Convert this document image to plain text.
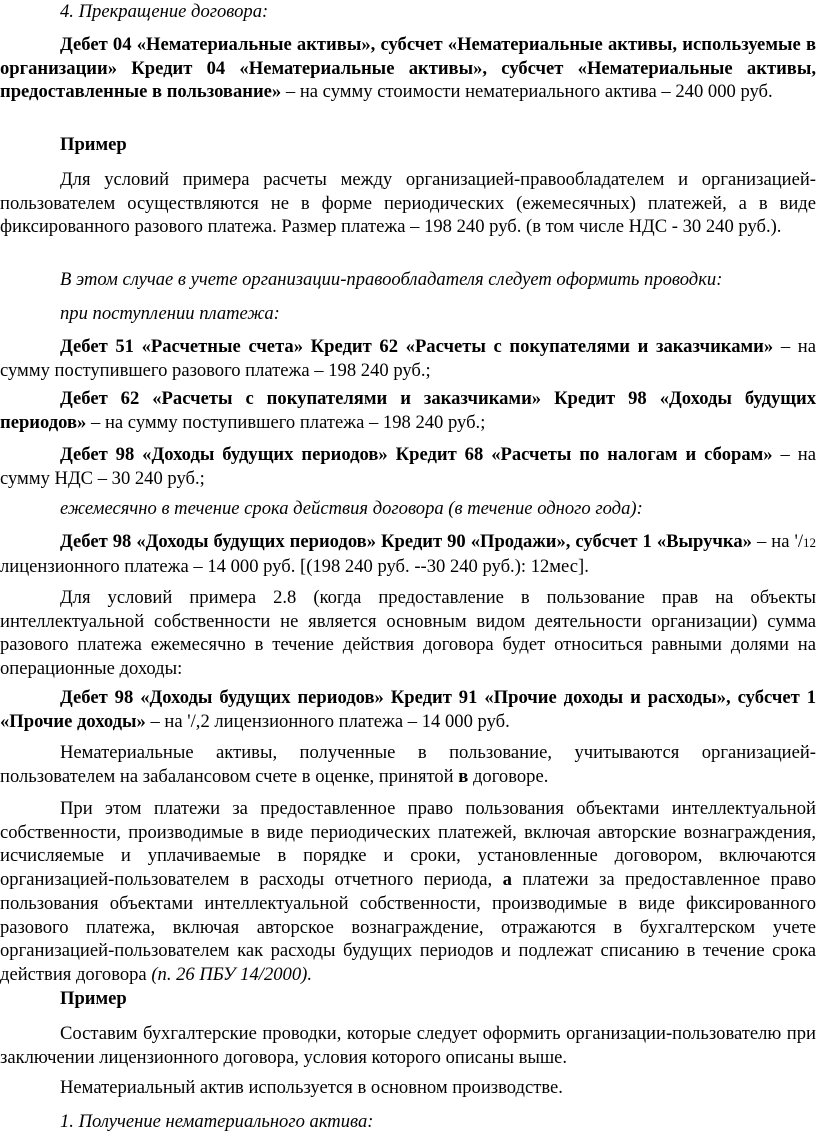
4. Прекращение договора:

Дебет 04 «Нематериальные активы», субсчет «Нематериальные активы, используемые в организации» Кредит 04 «Нематериальные активы», субсчет «Нематериальные активы, предоставленные в пользование» – на сумму стоимости нематериального актива – 240 000 руб.

Пример

Для условий примера расчеты между организацией-правообладателем и организацией-пользователем осуществляются не в форме периодических (ежемесячных) платежей, а в виде фиксированного разового платежа. Размер платежа – 198 240 руб. (в том числе НДС - 30 240 руб.).

В этом случае в учете организации-правообладателя следует оформить проводки:

при поступлении платежа:

Дебет 51 «Расчетные счета» Кредит 62 «Расчеты с покупателями и заказчиками» – на сумму поступившего разового платежа – 198 240 руб.;

Дебет 62 «Расчеты с покупателями и заказчиками» Кредит 98 «Доходы будущих периодов» – на сумму поступившего платежа – 198 240 руб.;

Дебет 98 «Доходы будущих периодов» Кредит 68 «Расчеты по налогам и сборам» – на сумму НДС – 30 240 руб.;

ежемесячно в течение срока действия договора (в течение одного года):

Дебет 98 «Доходы будущих периодов» Кредит 90 «Продажи», субсчет 1 «Выручка» – на '/12 лицензионного платежа – 14 000 руб. [(198 240 руб. --30 240 руб.): 12мес].

Для условий примера 2.8 (когда предоставление в пользование прав на объекты интеллектуальной собственности не является основным видом деятельности организации) сумма разового платежа ежемесячно в течение действия договора будет относиться равными долями на операционные доходы:

Дебет 98 «Доходы будущих периодов» Кредит 91 «Прочие доходы и расходы», субсчет 1 «Прочие доходы» – на '/,2 лицензионного платежа – 14 000 руб.

Нематериальные активы, полученные в пользование, учитываются организацией-пользователем на забалансовом счете в оценке, принятой в договоре.

При этом платежи за предоставленное право пользования объектами интеллектуальной собственности, производимые в виде периодических платежей, включая авторские вознаграждения, исчисляемые и уплачиваемые в порядке и сроки, установленные договором, включаются организацией-пользователем в расходы отчетного периода, а платежи за предоставленное право пользования объектами интеллектуальной собственности, производимые в виде фиксированного разового платежа, включая авторское вознаграждение, отражаются в бухгалтерском учете организацией-пользователем как расходы будущих периодов и подлежат списанию в течение срока действия договора (п. 26 ПБУ 14/2000).

Пример

Составим бухгалтерские проводки, которые следует оформить организации-пользователю при заключении лицензионного договора, условия которого описаны выше.

Нематериальный актив используется в основном производстве.

1. Получение нематериального актива:
